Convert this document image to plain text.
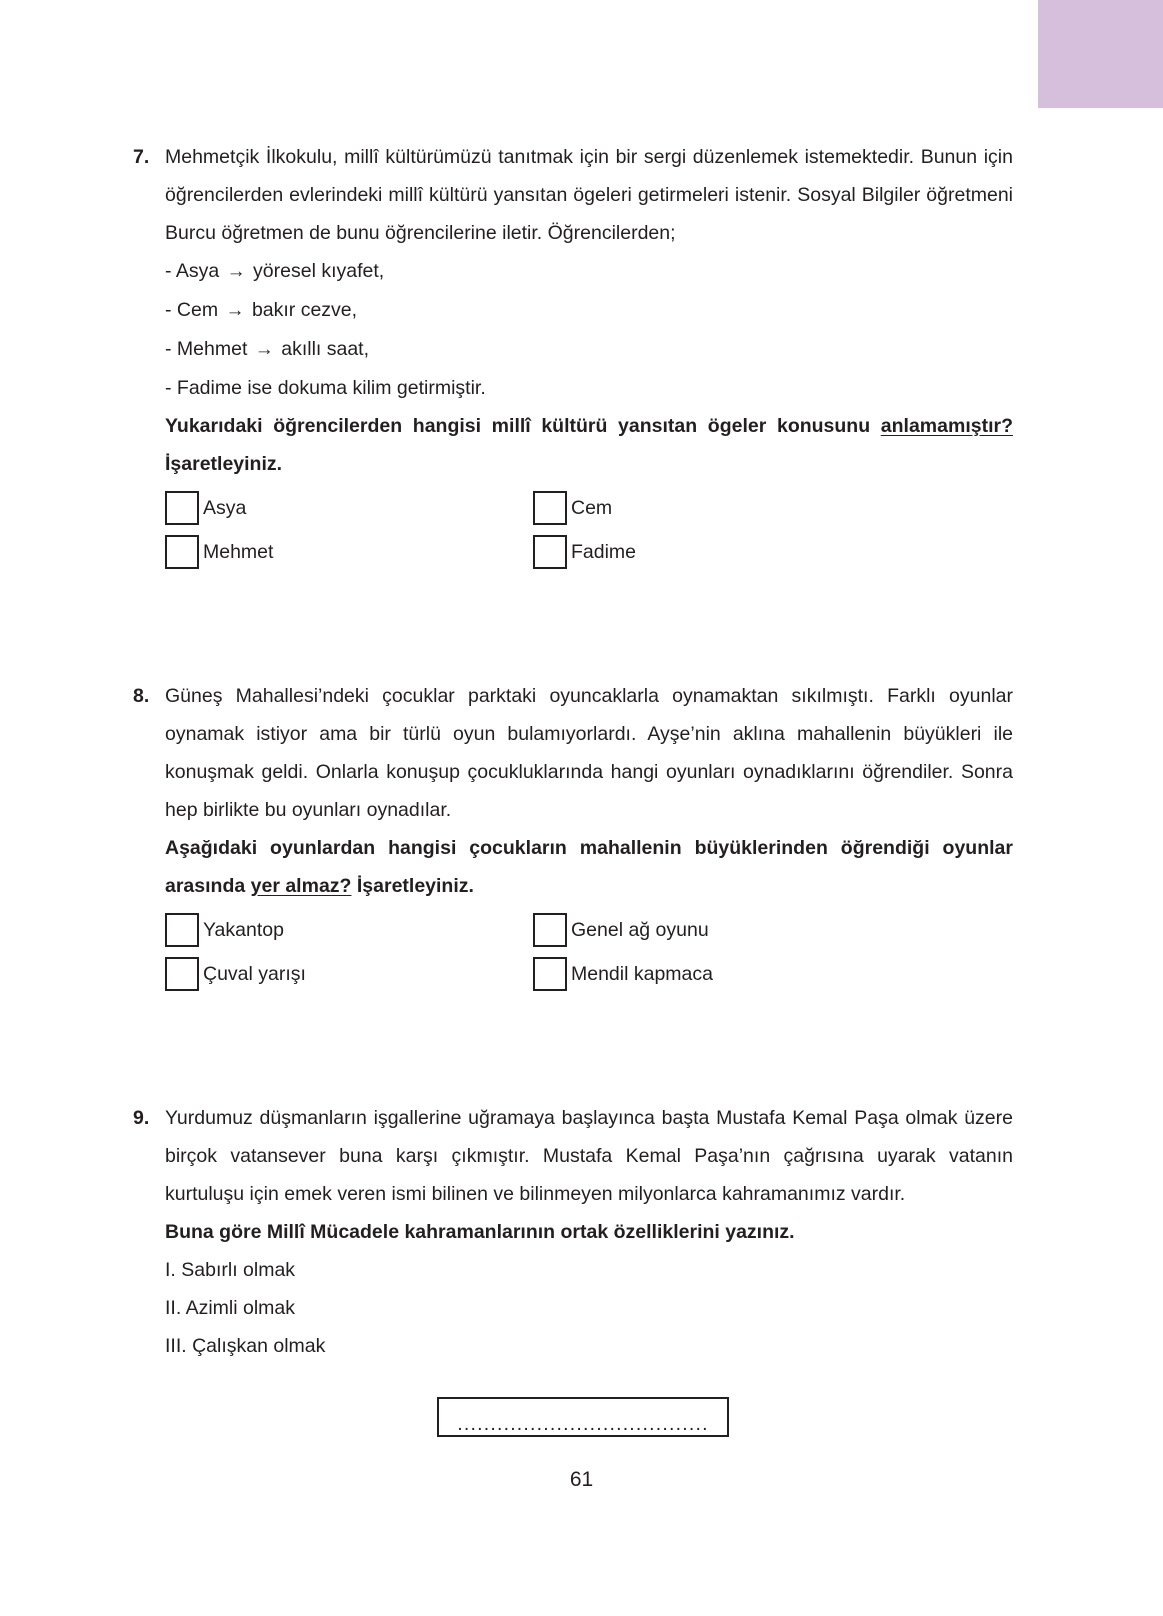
7. Mehmetçik İlkokulu, millî kültürümüzü tanıtmak için bir sergi düzenlemek istemektedir. Bunun için öğrencilerden evlerindeki millî kültürü yansıtan ögeleri getirmeleri istenir. Sosyal Bilgiler öğretmeni Burcu öğretmen de bunu öğrencilerine iletir. Öğrencilerden;

- Asya → yöresel kıyafet,
- Cem → bakır cezve,
- Mehmet → akıllı saat,
- Fadime ise dokuma kilim getirmiştir.

Yukarıdaki öğrencilerden hangisi millî kültürü yansıtan ögeler konusunu anlamamıştır? İşaretleyiniz.

Asya	Cem
Mehmet	Fadime
8. Güneş Mahallesi’ndeki çocuklar parktaki oyuncaklarla oynamaktan sıkılmıştı. Farklı oyunlar oynamak istiyor ama bir türlü oyun bulamıyorlardı. Ayşe’nin aklına mahallenin büyükleri ile konuşmak geldi. Onlarla konuşup çocukluklarında hangi oyunları oynadıklarını öğrendiler. Sonra hep birlikte bu oyunları oynadılar.

Aşağıdaki oyunlardan hangisi çocukların mahallenin büyüklerinden öğrendiği oyunlar arasında yer almaz? İşaretleyiniz.

Yakantop	Genel ağ oyunu
Çuval yarışı	Mendil kapmaca
9. Yurdumuz düşmanların işgallerine uğramaya başlayınca başta Mustafa Kemal Paşa olmak üzere birçok vatansever buna karşı çıkmıştır. Mustafa Kemal Paşa’nın çağrısına uyarak vatanın kurtuluşu için emek veren ismi bilinen ve bilinmeyen milyonlarca kahramanımız vardır.

Buna göre Millî Mücadele kahramanlarının ortak özelliklerini yazınız.

I. Sabırlı olmak
II. Azimli olmak
III. Çalışkan olmak
......................................
61
